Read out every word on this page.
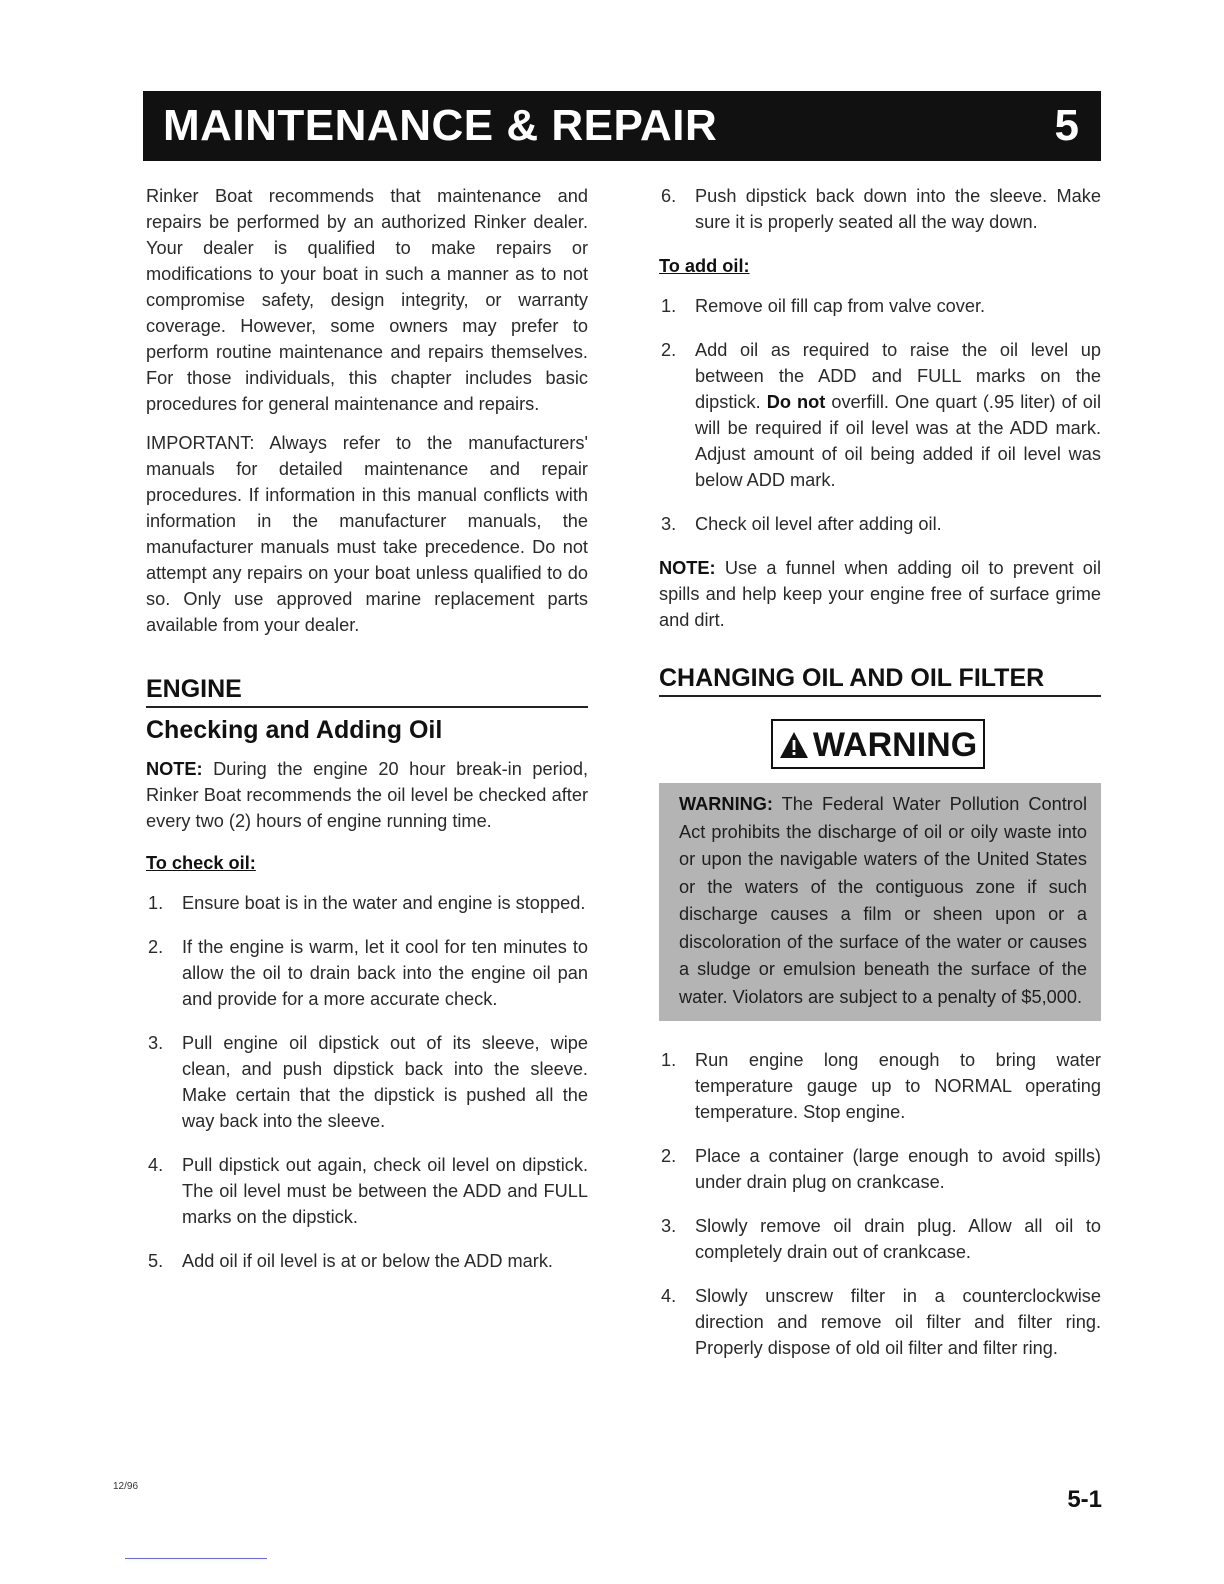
MAINTENANCE & REPAIR	5

Rinker Boat recommends that maintenance and repairs be performed by an authorized Rinker dealer. Your dealer is qualified to make repairs or modifications to your boat in such a manner as to not compromise safety, design integrity, or warranty coverage. However, some owners may prefer to perform routine maintenance and repairs themselves. For those individuals, this chapter includes basic procedures for general maintenance and repairs.

IMPORTANT: Always refer to the manufacturers' manuals for detailed maintenance and repair procedures. If information in this manual conflicts with information in the manufacturer manuals, the manufacturer manuals must take precedence. Do not attempt any repairs on your boat unless qualified to do so. Only use approved marine replacement parts available from your dealer.

ENGINE
Checking and Adding Oil

NOTE: During the engine 20 hour break-in period, Rinker Boat recommends the oil level be checked after every two (2) hours of engine running time.

To check oil:
1.	Ensure boat is in the water and engine is stopped.
2.	If the engine is warm, let it cool for ten minutes to allow the oil to drain back into the engine oil pan and provide for a more accurate check.
3.	Pull engine oil dipstick out of its sleeve, wipe clean, and push dipstick back into the sleeve. Make certain that the dipstick is pushed all the way back into the sleeve.
4.	Pull dipstick out again, check oil level on dipstick. The oil level must be between the ADD and FULL marks on the dipstick.
5.	Add oil if oil level is at or below the ADD mark.
6.	Push dipstick back down into the sleeve. Make sure it is properly seated all the way down.
To add oil:
1.	Remove oil fill cap from valve cover.
2.	Add oil as required to raise the oil level up between the ADD and FULL marks on the dipstick. Do not overfill. One quart (.95 liter) of oil will be required if oil level was at the ADD mark. Adjust amount of oil being added if oil level was below ADD mark.
3.	Check oil level after adding oil.

NOTE: Use a funnel when adding oil to prevent oil spills and help keep your engine free of surface grime and dirt.

CHANGING OIL AND OIL FILTER
WARNING
WARNING: The Federal Water Pollution Control Act prohibits the discharge of oil or oily waste into or upon the navigable waters of the United States or the waters of the contiguous zone if such discharge causes a film or sheen upon or a discoloration of the surface of the water or causes a sludge or emulsion beneath the surface of the water. Violators are subject to a penalty of $5,000.
1.	Run engine long enough to bring water temperature gauge up to NORMAL operating temperature. Stop engine.
2.	Place a container (large enough to avoid spills) under drain plug on crankcase.
3.	Slowly remove oil drain plug. Allow all oil to completely drain out of crankcase.
4.	Slowly unscrew filter in a counterclockwise direction and remove oil filter and filter ring. Properly dispose of old oil filter and filter ring.
12/96	5-1
